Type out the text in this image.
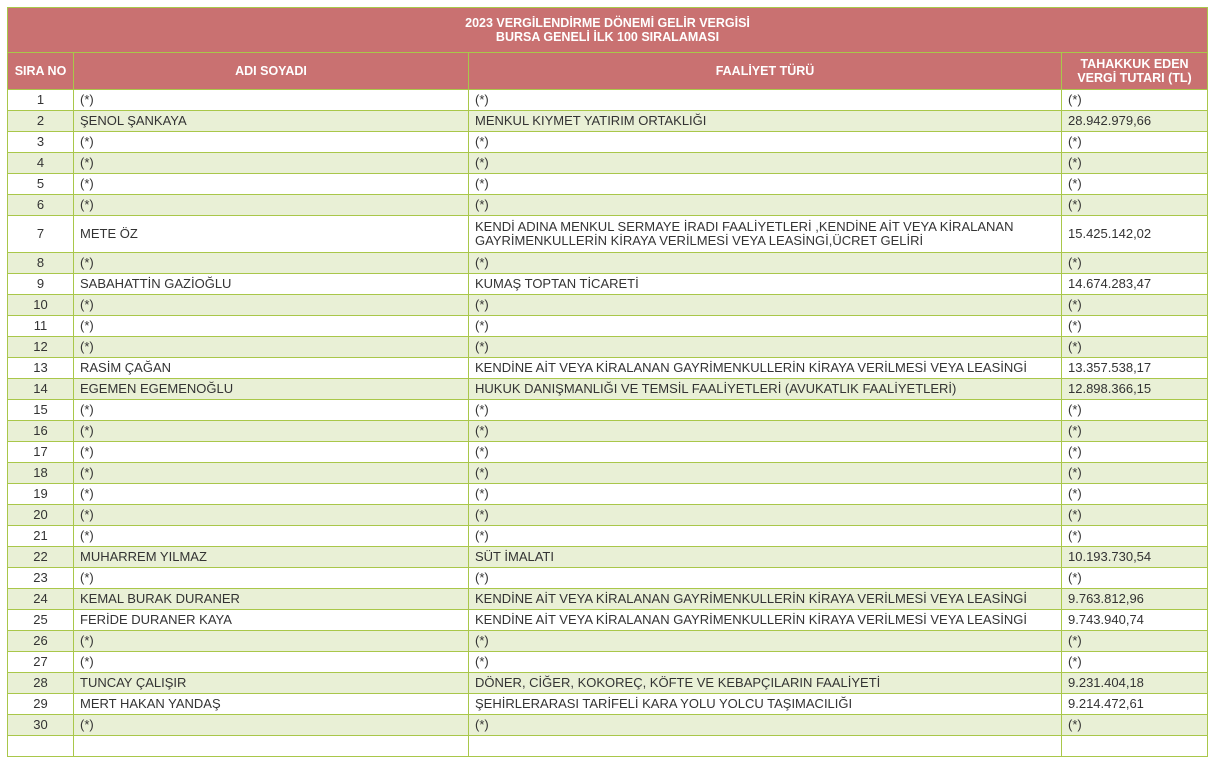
2023 VERGİLENDİRME DÖNEMİ GELİR VERGİSİ
BURSA GENELİ İLK 100 SIRALAMASI			

SIRA NO	ADI SOYADI	FAALİYET TÜRÜ	TAHAKKUK EDEN
VERGİ TUTARI (TL)

1	(*)	(*)	(*)
2	ŞENOL ŞANKAYA	MENKUL KIYMET YATIRIM ORTAKLIĞI	28.942.979,66
3	(*)	(*)	(*)
4	(*)	(*)	(*)
5	(*)	(*)	(*)
6	(*)	(*)	(*)
7	METE ÖZ	KENDİ ADINA MENKUL SERMAYE İRADI FAALİYETLERİ ,KENDİNE AİT VEYA KİRALANAN GAYRİMENKULLERİN KİRAYA VERİLMESİ VEYA LEASİNGİ,ÜCRET GELİRİ	15.425.142,02
8	(*)	(*)	(*)
9	SABAHATTİN GAZİOĞLU	KUMAŞ TOPTAN TİCARETİ	14.674.283,47
10	(*)	(*)	(*)
11	(*)	(*)	(*)
12	(*)	(*)	(*)
13	RASİM ÇAĞAN	KENDİNE AİT VEYA KİRALANAN GAYRİMENKULLERİN KİRAYA VERİLMESİ VEYA LEASİNGİ	13.357.538,17
14	EGEMEN EGEMENOĞLU	HUKUK DANIŞMANLIĞI VE TEMSİL FAALİYETLERİ (AVUKATLIK FAALİYETLERİ)	12.898.366,15
15	(*)	(*)	(*)
16	(*)	(*)	(*)
17	(*)	(*)	(*)
18	(*)	(*)	(*)
19	(*)	(*)	(*)
20	(*)	(*)	(*)
21	(*)	(*)	(*)
22	MUHARREM YILMAZ	SÜT İMALATI	10.193.730,54
23	(*)	(*)	(*)
24	KEMAL BURAK DURANER	KENDİNE AİT VEYA KİRALANAN GAYRİMENKULLERİN KİRAYA VERİLMESİ VEYA LEASİNGİ	9.763.812,96
25	FERİDE DURANER KAYA	KENDİNE AİT VEYA KİRALANAN GAYRİMENKULLERİN KİRAYA VERİLMESİ VEYA LEASİNGİ	9.743.940,74
26	(*)	(*)	(*)
27	(*)	(*)	(*)
28	TUNCAY ÇALIŞIR	DÖNER, CİĞER, KOKOREÇ, KÖFTE VE KEBAPÇILARIN FAALİYETİ	9.231.404,18
29	MERT HAKAN YANDAŞ	ŞEHİRLERARASI TARİFELİ KARA YOLU YOLCU TAŞIMACILIĞI	9.214.472,61
30	(*)	(*)	(*)
